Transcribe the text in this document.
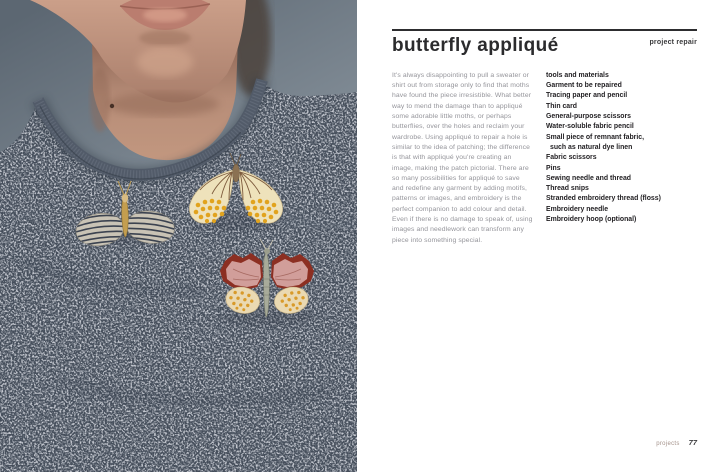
butterfly appliqué	project repair

It's always disappointing to pull a sweater or shirt out from storage only to find that moths have found the piece irresistible. What better way to mend the damage than to appliqué some adorable little moths, or perhaps butterflies, over the holes and reclaim your wardrobe. Using appliqué to repair a hole is similar to the idea of patching; the difference is that with appliqué you're creating an image, making the patch pictorial. There are so many possibilities for appliqué to save and redefine any garment by adding motifs, patterns or images, and embroidery is the perfect companion to add colour and detail. Even if there is no damage to speak of, using images and needlework can transform any piece into something special.

tools and materials
Garment to be repaired
Tracing paper and pencil
Thin card
General-purpose scissors
Water-soluble fabric pencil
Small piece of remnant fabric,
such as natural dye linen
Fabric scissors
Pins
Sewing needle and thread
Thread snips
Stranded embroidery thread (floss)
Embroidery needle
Embroidery hoop (optional)
projects 77
